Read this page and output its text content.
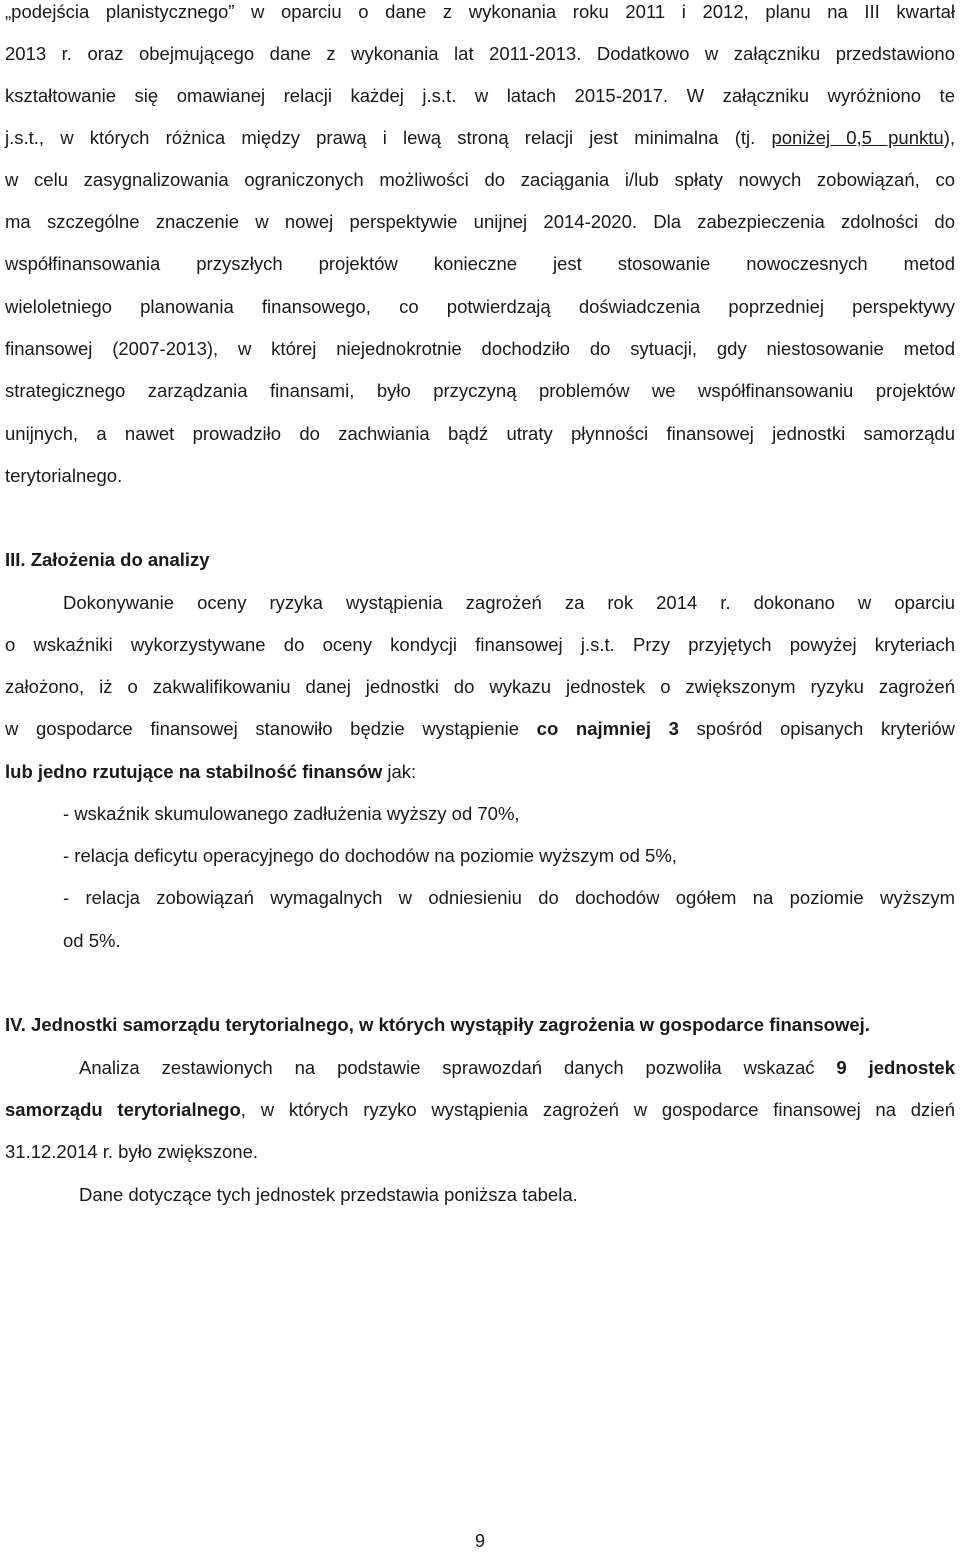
„podejścia planistycznego” w oparciu o dane z wykonania roku 2011 i 2012, planu na III kwartał
2013 r. oraz obejmującego dane z wykonania lat 2011-2013. Dodatkowo w załączniku przedstawiono
kształtowanie się omawianej relacji każdej j.s.t. w latach 2015-2017. W załączniku wyróżniono te
j.s.t., w których różnica między prawą i lewą stroną relacji jest minimalna (tj. poniżej 0,5 punktu),
w celu zasygnalizowania ograniczonych możliwości do zaciągania i/lub spłaty nowych zobowiązań, co
ma szczególne znaczenie w nowej perspektywie unijnej 2014-2020. Dla zabezpieczenia zdolności do
współfinansowania przyszłych projektów konieczne jest stosowanie nowoczesnych metod
wieloletniego planowania finansowego, co potwierdzają doświadczenia poprzedniej perspektywy
finansowej (2007-2013), w której niejednokrotnie dochodziło do sytuacji, gdy niestosowanie metod
strategicznego zarządzania finansami, było przyczyną problemów we współfinansowaniu projektów
unijnych, a nawet prowadziło do zachwiania bądź utraty płynności finansowej jednostki samorządu
terytorialnego.
III. Założenia do analizy
Dokonywanie oceny ryzyka wystąpienia zagrożeń za rok 2014 r. dokonano w oparciu
o wskaźniki wykorzystywane do oceny kondycji finansowej j.s.t. Przy przyjętych powyżej kryteriach
założono, iż o zakwalifikowaniu danej jednostki do wykazu jednostek o zwiększonym ryzyku zagrożeń
w gospodarce finansowej stanowiło będzie wystąpienie co najmniej 3 spośród opisanych kryteriów
lub jedno rzutujące na stabilność finansów jak:
- wskaźnik skumulowanego zadłużenia wyższy od 70%,
- relacja deficytu operacyjnego do dochodów na poziomie wyższym od 5%,
- relacja zobowiązań wymagalnych w odniesieniu do dochodów ogółem na poziomie wyższym
od 5%.
IV. Jednostki samorządu terytorialnego, w których wystąpiły zagrożenia w gospodarce finansowej.
Analiza zestawionych na podstawie sprawozdań danych pozwoliła wskazać 9 jednostek
samorządu terytorialnego, w których ryzyko wystąpienia zagrożeń w gospodarce finansowej na dzień
31.12.2014 r. było zwiększone.
Dane dotyczące tych jednostek przedstawia poniższa tabela.
9
